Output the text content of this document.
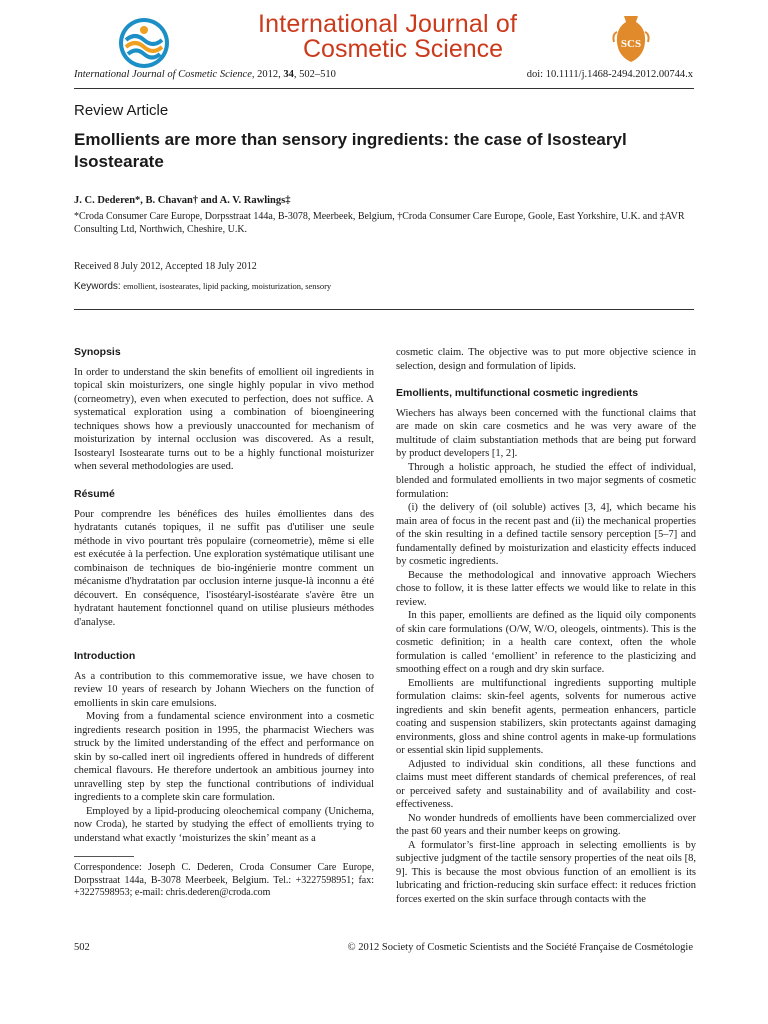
International Journal of
Cosmetic Science	SCS
International Journal of Cosmetic Science, 2012, 34, 502–510	doi: 10.1111/j.1468-2494.2012.00744.x
Review Article
Emollients are more than sensory ingredients: the case of Isostearyl Isostearate
J. C. Dederen*, B. Chavan† and A. V. Rawlings‡
*Croda Consumer Care Europe, Dorpsstraat 144a, B-3078, Meerbeek, Belgium, †Croda Consumer Care Europe, Goole, East Yorkshire, U.K. and ‡AVR Consulting Ltd, Northwich, Cheshire, U.K.
Received 8 July 2012, Accepted 18 July 2012
Keywords: emollient, isostearates, lipid packing, moisturization, sensory
Synopsis

In order to understand the skin benefits of emollient oil ingredients in topical skin moisturizers, one single highly popular in vivo method (corneometry), even when executed to perfection, does not suffice. A systematical exploration using a combination of bioengineering techniques shows how a previously unaccounted for mechanism of moisturization by internal occlusion was discovered. As a result, Isostearyl Isostearate turns out to be a highly functional moisturizer when several methodologies are used.

Résumé

Pour comprendre les bénéfices des huiles émollientes dans des hydratants cutanés topiques, il ne suffit pas d'utiliser une seule méthode in vivo pourtant très populaire (corneometrie), même si elle est exécutée à la perfection. Une exploration systématique utilisant une combinaison de techniques de bio-ingénierie montre comment un mécanisme d'hydratation par occlusion interne jusque-là inconnu a été découvert. En conséquence, l'isostéaryl-isostéarate s'avère être un hydratant hautement fonctionnel quand on utilise plusieurs méthodes d'analyse.

Introduction

As a contribution to this commemorative issue, we have chosen to review 10 years of research by Johann Wiechers on the function of emollients in skin care emulsions.

Moving from a fundamental science environment into a cosmetic ingredients research position in 1995, the pharmacist Wiechers was struck by the limited understanding of the effect and performance on skin by so-called inert oil ingredients offered in hundreds of different chemical flavours. He therefore undertook an ambitious journey into unravelling step by step the functional contributions of individual ingredients to a complete skin care formulation.

Employed by a lipid-producing oleochemical company (Unichema, now Croda), he started by studying the effect of emollients trying to understand what exactly ‘moisturizes the skin’ meant as a

Correspondence: Joseph C. Dederen, Croda Consumer Care Europe, Dorpsstraat 144a, B-3078 Meerbeek, Belgium. Tel.: +3227598951; fax: +3227598953; e-mail: chris.dederen@croda.com

cosmetic claim. The objective was to put more objective science in selection, design and formulation of lipids.

Emollients, multifunctional cosmetic ingredients

Wiechers has always been concerned with the functional claims that are made on skin care cosmetics and he was very aware of the multitude of claim substantiation methods that are being put forward by product developers [1, 2].

Through a holistic approach, he studied the effect of individual, blended and formulated emollients in two major segments of cosmetic formulation:

(i) the delivery of (oil soluble) actives [3, 4], which became his main area of focus in the recent past and (ii) the mechanical properties of the skin resulting in a defined tactile sensory perception [5–7] and fundamentally defined by moisturization and elasticity effects induced by cosmetic ingredients.

Because the methodological and innovative approach Wiechers chose to follow, it is these latter effects we would like to relate in this review.

In this paper, emollients are defined as the liquid oily components of skin care formulations (O/W, W/O, oleogels, ointments). This is the cosmetic definition; in a health care context, often the whole formulation is called ‘emollient’ in reference to the plasticizing and smoothing effect on a rough and dry skin surface.

Emollients are multifunctional ingredients supporting multiple formulation claims: skin-feel agents, solvents for numerous active ingredients and skin benefit agents, permeation enhancers, particle coating and suspension stabilizers, skin protectants against damaging environments, gloss and shine control agents in make-up formulations or essential skin lipid supplements.

Adjusted to individual skin conditions, all these functions and claims must meet different standards of chemical preferences, of real or perceived safety and sustainability and of availability and cost-effectiveness.

No wonder hundreds of emollients have been commercialized over the past 60 years and their number keeps on growing.

A formulator’s first-line approach in selecting emollients is by subjective judgment of the tactile sensory properties of the neat oils [8, 9]. This is because the most obvious function of an emollient is its lubricating and friction-reducing skin surface effect: it reduces friction forces exerted on the skin surface through contacts with the

502	© 2012 Society of Cosmetic Scientists and the Société Française de Cosmétologie
